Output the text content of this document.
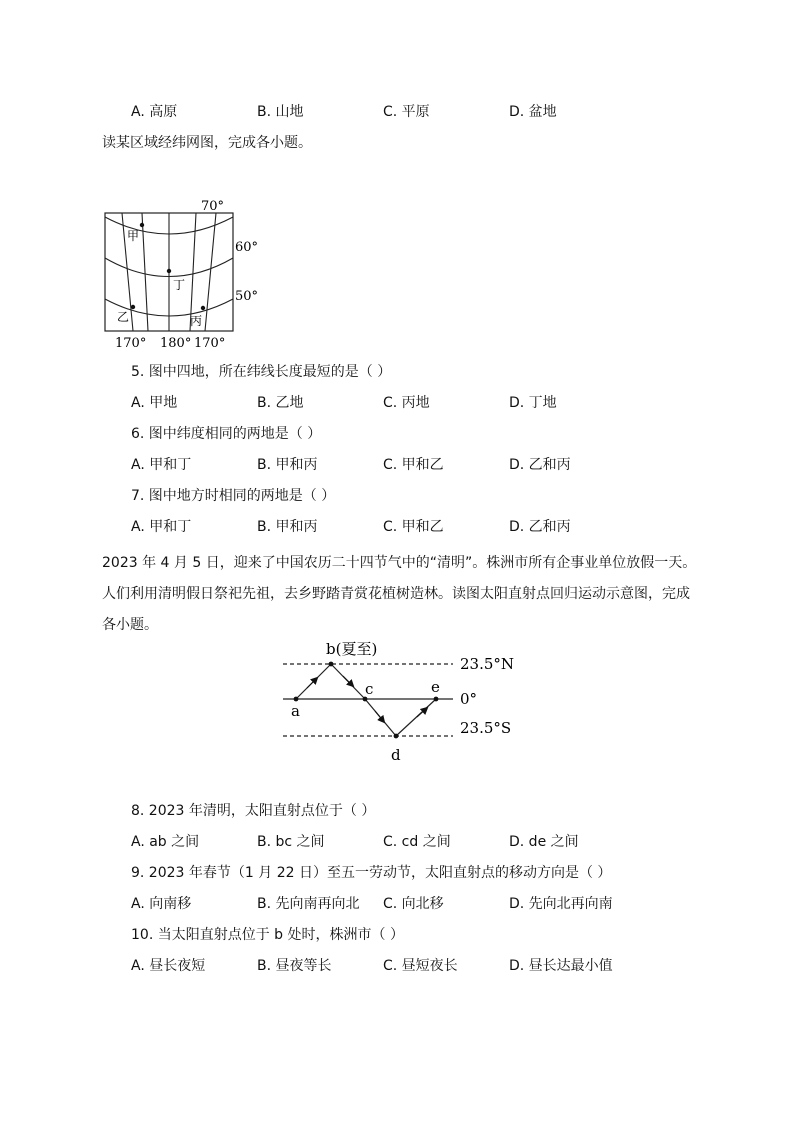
A. 高原	B. 山地	C. 平原	D. 盆地
读某区域经纬网图，完成各小题。
甲
丁
乙	丙
70°
60°
50°
170° 180° 170°
5. 图中四地，所在纬线长度最短的是（ ）
A. 甲地	B. 乙地	C. 丙地	D. 丁地
6. 图中纬度相同的两地是（ ）
A. 甲和丁	B. 甲和丙	C. 甲和乙	D. 乙和丙
7. 图中地方时相同的两地是（ ）
A. 甲和丁	B. 甲和丙	C. 甲和乙	D. 乙和丙
2023 年 4 月 5 日，迎来了中国农历二十四节气中的“清明”。株洲市所有企事业单位放假一天。
人们利用清明假日祭祀先祖，去乡野踏青赏花植树造林。读图太阳直射点回归运动示意图，完成
各小题。
a
b(夏至)
c
d
e
23.5°N
0°
23.5°S
8. 2023 年清明，太阳直射点位于（ ）
A. ab 之间	B. bc 之间	C. cd 之间	D. de 之间
9. 2023 年春节（1 月 22 日）至五一劳动节，太阳直射点的移动方向是（ ）
A. 向南移	B. 先向南再向北 C. 向北移	D. 先向北再向南
10. 当太阳直射点位于 b 处时，株洲市（ ）
A. 昼长夜短	B. 昼夜等长	C. 昼短夜长	D. 昼长达最小值
